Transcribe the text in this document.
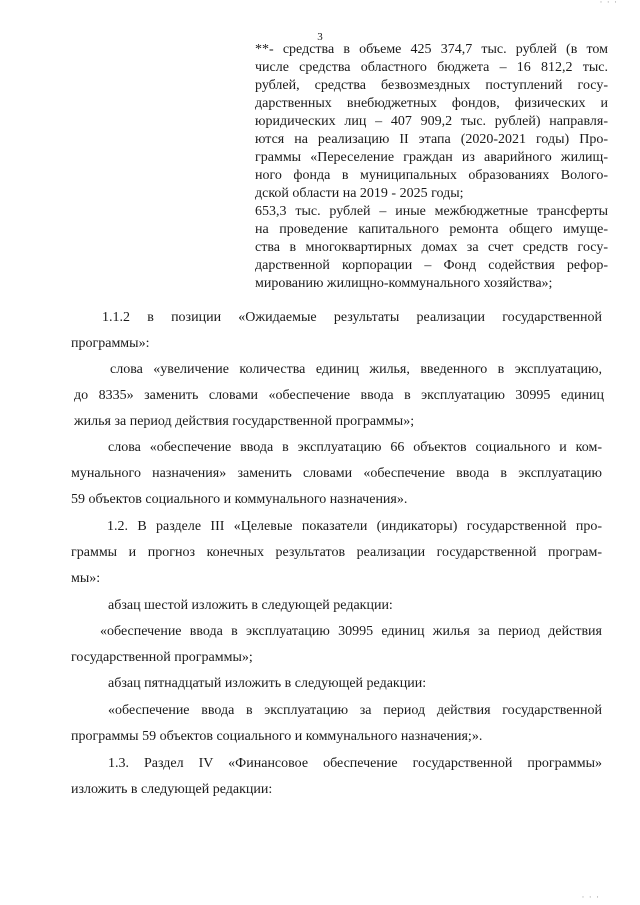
· · ·
3
**- средства в объеме 425 374,7 тыс. рублей (в том
числе средства областного бюджета – 16 812,2 тыс.
рублей, средства безвозмездных поступлений госу-
дарственных внебюджетных фондов, физических и
юридических лиц – 407 909,2 тыс. рублей) направля-
ются на реализацию II этапа (2020-2021 годы) Про-
граммы «Переселение граждан из аварийного жилищ-
ного фонда в муниципальных образованиях Волого-
дской области на 2019 - 2025 годы;
653,3 тыс. рублей – иные межбюджетные трансферты
на проведение капитального ремонта общего имуще-
ства в многоквартирных домах за счет средств госу-
дарственной корпорации – Фонд содействия рефор-
мированию жилищно-коммунального хозяйства»;
1.1.2 в позиции «Ожидаемые результаты реализации государственной
программы»:
слова «увеличение количества единиц жилья, введенного в эксплуатацию,
до 8335» заменить словами «обеспечение ввода в эксплуатацию 30995 единиц
жилья за период действия государственной программы»;
слова «обеспечение ввода в эксплуатацию 66 объектов социального и ком-
мунального назначения» заменить словами «обеспечение ввода в эксплуатацию
59 объектов социального и коммунального назначения».
1.2. В разделе III «Целевые показатели (индикаторы) государственной про-
граммы и прогноз конечных результатов реализации государственной програм-
мы»:
абзац шестой изложить в следующей редакции:
«обеспечение ввода в эксплуатацию 30995 единиц жилья за период действия
государственной программы»;
абзац пятнадцатый изложить в следующей редакции:
«обеспечение ввода в эксплуатацию за период действия государственной
программы 59 объектов социального и коммунального назначения;».
1.3. Раздел IV «Финансовое обеспечение государственной программы»
изложить в следующей редакции:
· · ·
